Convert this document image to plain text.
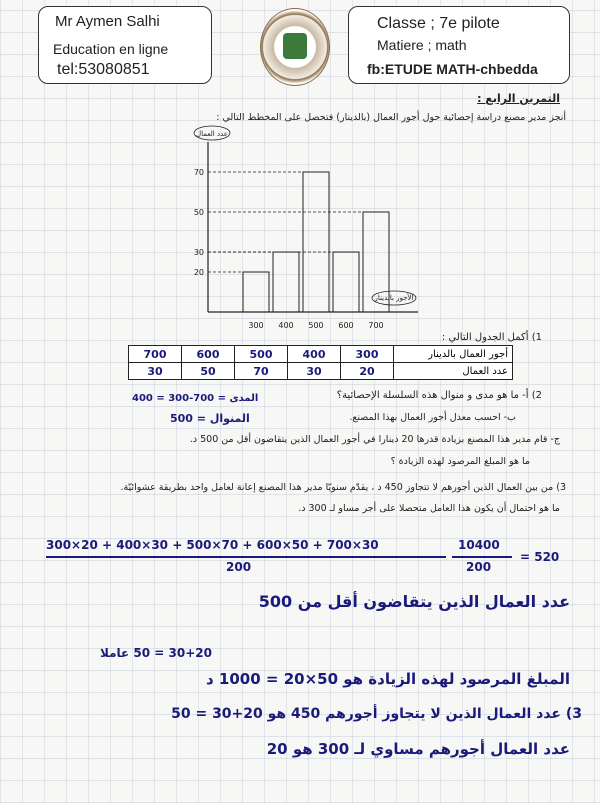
Mr Aymen Salhi
Education en ligne
tel:53080851
Classe ; 7e pilote
Matiere ; math
fb:ETUDE MATH-chbedda
التمرين الرابع :
أنجز مدير مصنع دراسة إحصائية حول أجور العمال (بالدينار) فتحصل على المخطط التالي :
20
30
50
70
300 400 500 600 700
عدد العمال
الأجور بالدينار
1) أكمل الجدول التالي :
700	600	500	400	300	أجور العمال بالدينار
30	50	70	30	20	عدد العمال
2) أ- ما هو مدى و منوال هذه السلسلة الإحصائية؟
المدى = 700-300 = 400
ب- احسب معدل أجور العمال بهذا المصنع.
المنوال = 500
ج- قام مدير هذا المصنع بزيادة قدرها 20 دينارا في أجور العمال الذين يتقاضون أقل من 500 د.
ما هو المبلغ المرصود لهذه الزيادة ؟
3) من بين العمال الذين أجورهم لا تتجاوز 450 د ، يقدّم سنويّا مدير هذا المصنع إعانة لعامل واحد بطريقة عشوائيّة.
ما هو احتمال أن يكون هذا العامل متحصلا على أجر مساو لـ 300 د.
300×20 + 400×30 + 500×70 + 600×50 + 700×30
200
10400
200
= 520
عدد العمال الذين يتقاضون أقل من 500
30+20 = 50 عاملا
المبلغ المرصود لهذه الزيادة هو 50×20 = 1000 د
3) عدد العمال الذين لا يتجاوز أجورهم 450 هو 20+30 = 50
عدد العمال أجورهم مساوي لـ 300 هو 20
